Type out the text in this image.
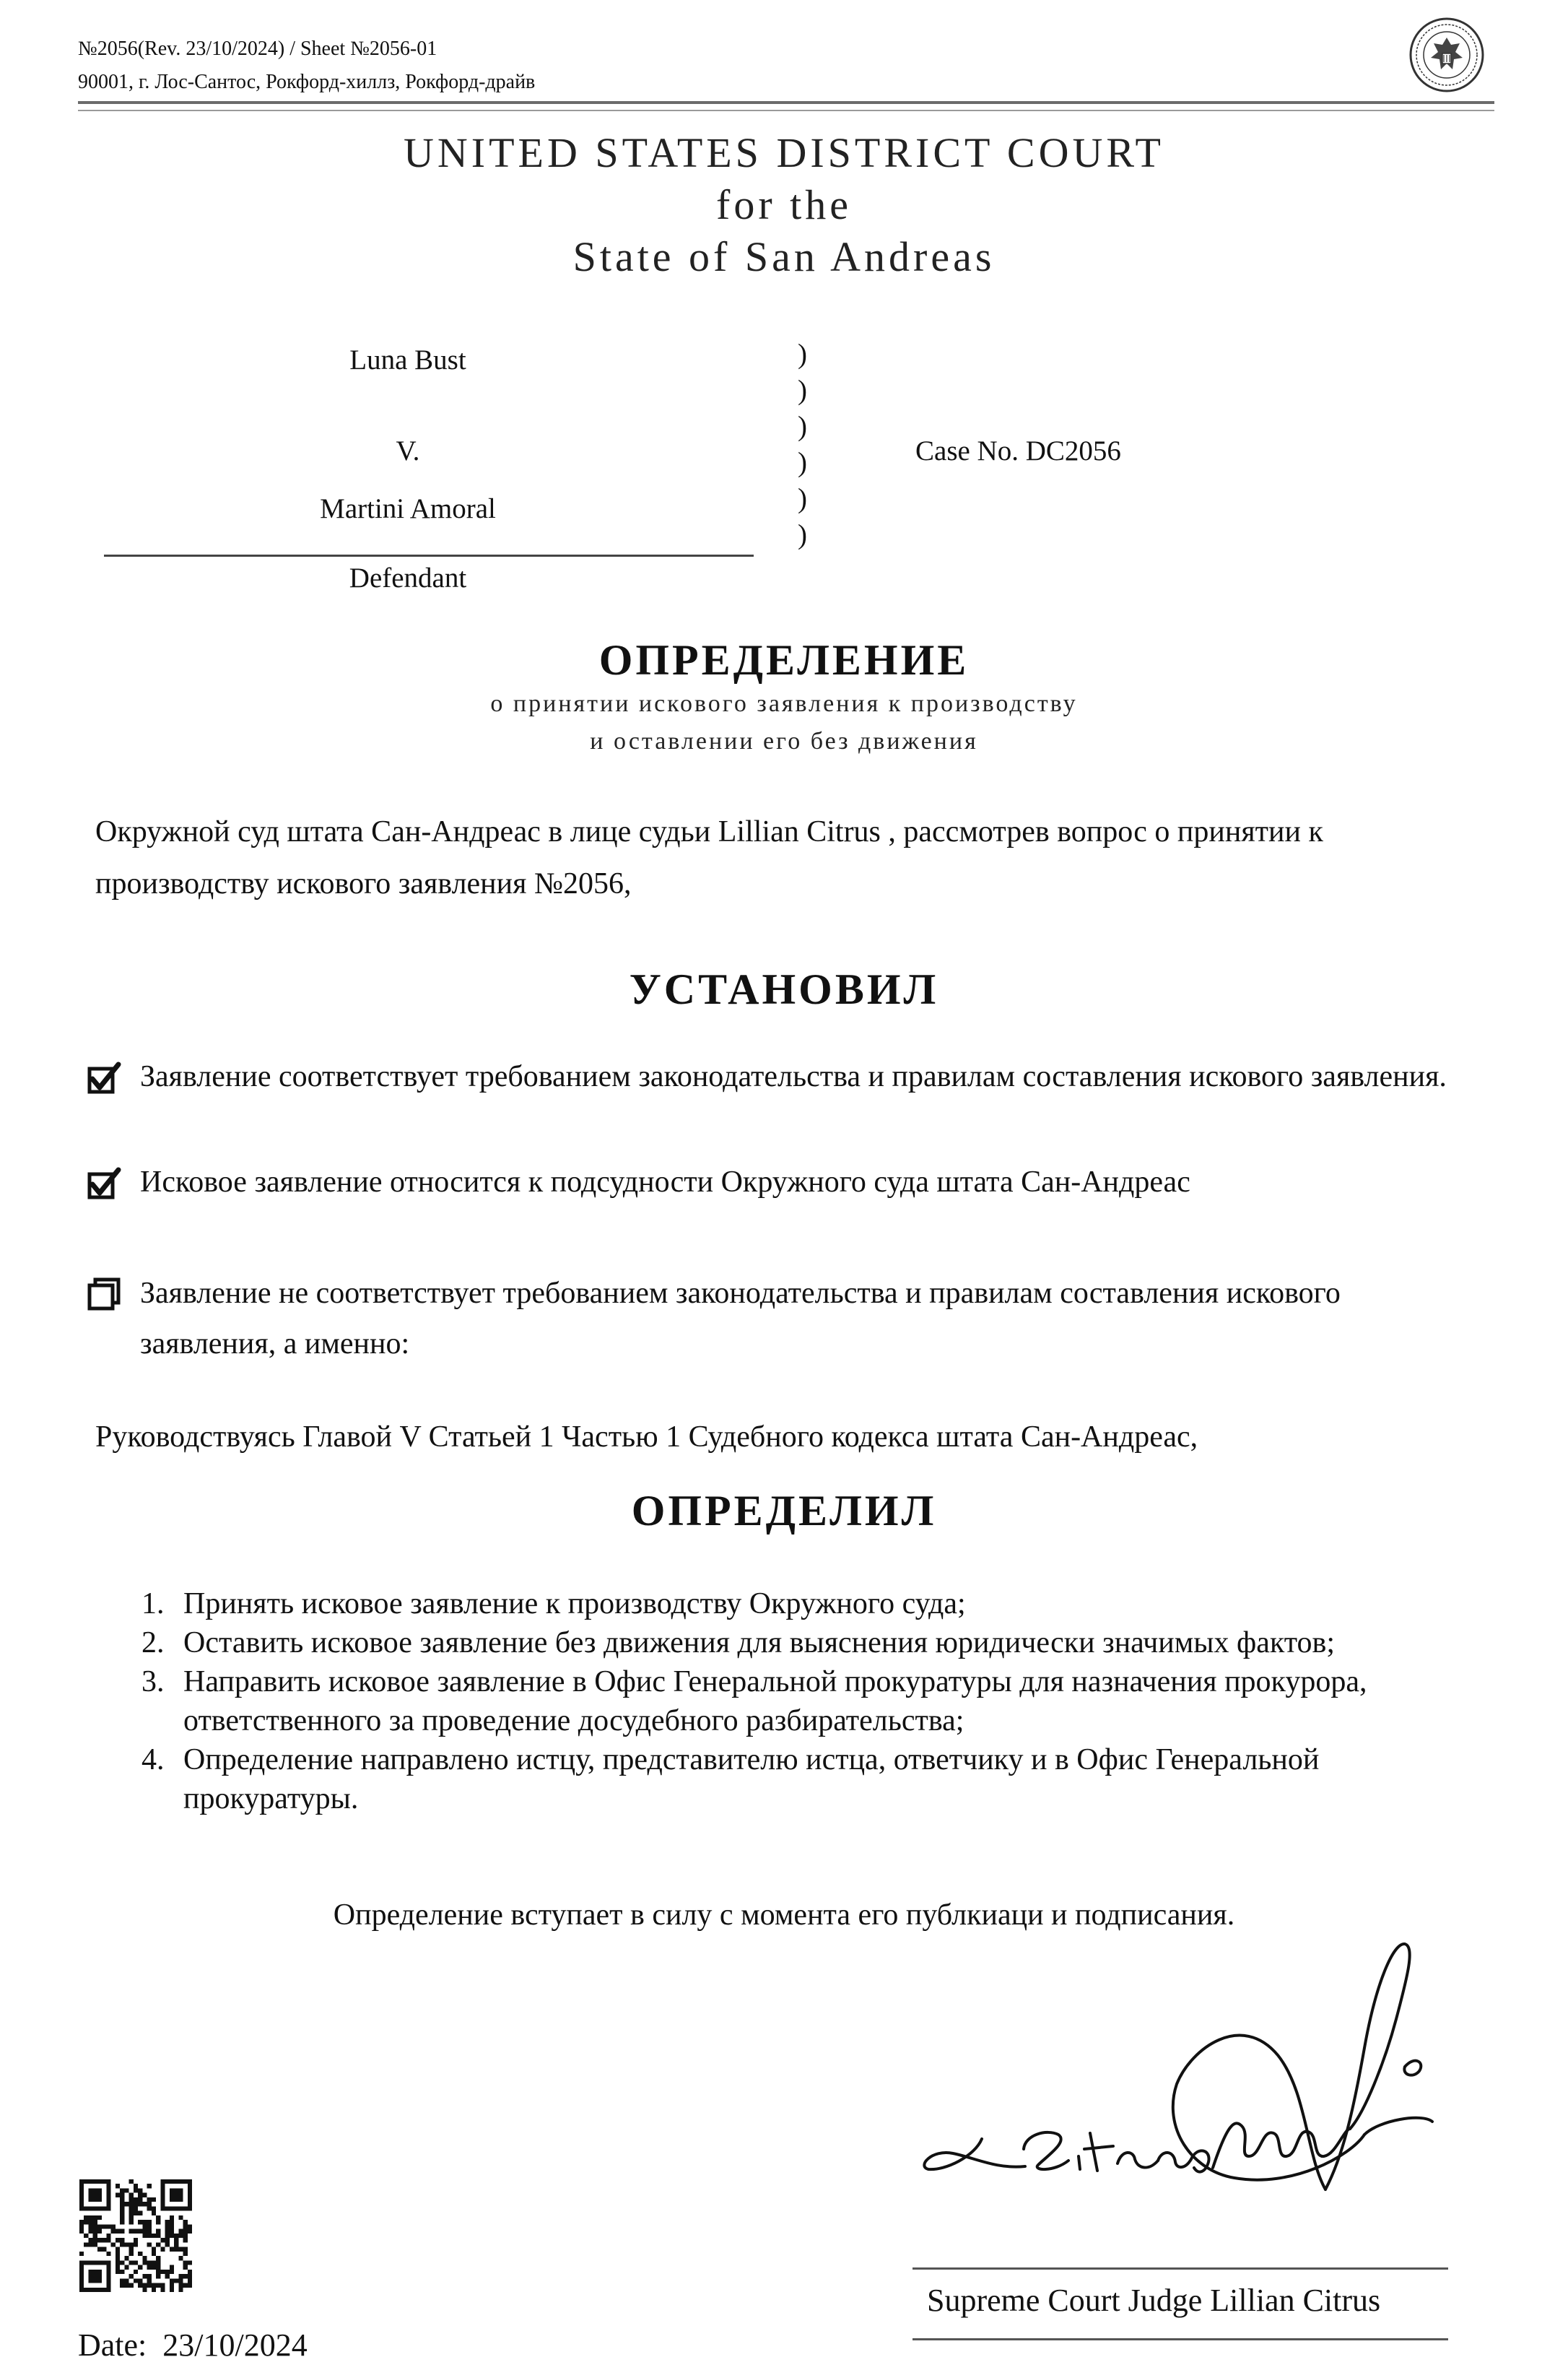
№2056(Rev. 23/10/2024) / Sheet №2056-01
90001, г. Лос-Сантос, Рокфорд-хиллз, Рокфорд-драйв
UNITED STATES DISTRICT COURT
for the
State of San Andreas
Luna Bust
V.
Martini Amoral
Defendant
)
)
)
)
)
)
Case No. DC2056
ОПРЕДЕЛЕНИЕ
о принятии искового заявления к производству
и оставлении его без движения
Окружной суд штата Сан-Андреас в лице судьи Lillian Citrus , рассмотрев вопрос о принятии к производству искового заявления №2056,
УСТАНОВИЛ
Заявление соответствует требованием законодательства и правилам составления искового заявления.
Исковое заявление относится к подсудности Окружного суда штата Сан-Андреас
Заявление не соответствует требованием законодательства и правилам составления искового заявления, а именно:
Руководствуясь Главой V Статьей 1 Частью 1 Судебного кодекса штата Сан-Андреас,
ОПРЕДЕЛИЛ
1. Принять исковое заявление к производству Окружного суда;
2. Оставить исковое заявление без движения для выяснения юридически значимых фактов;
3. Направить исковое заявление в Офис Генеральной прокуратуры для назначения прокурора, ответственного за проведение досудебного разбирательства;
4. Определение направлено истцу, представителю истца, ответчику и в Офис Генеральной прокуратуры.
Определение вступает в силу с момента его публкиаци и подписания.
Supreme Court Judge Lillian Citrus
Date:  23/10/2024
